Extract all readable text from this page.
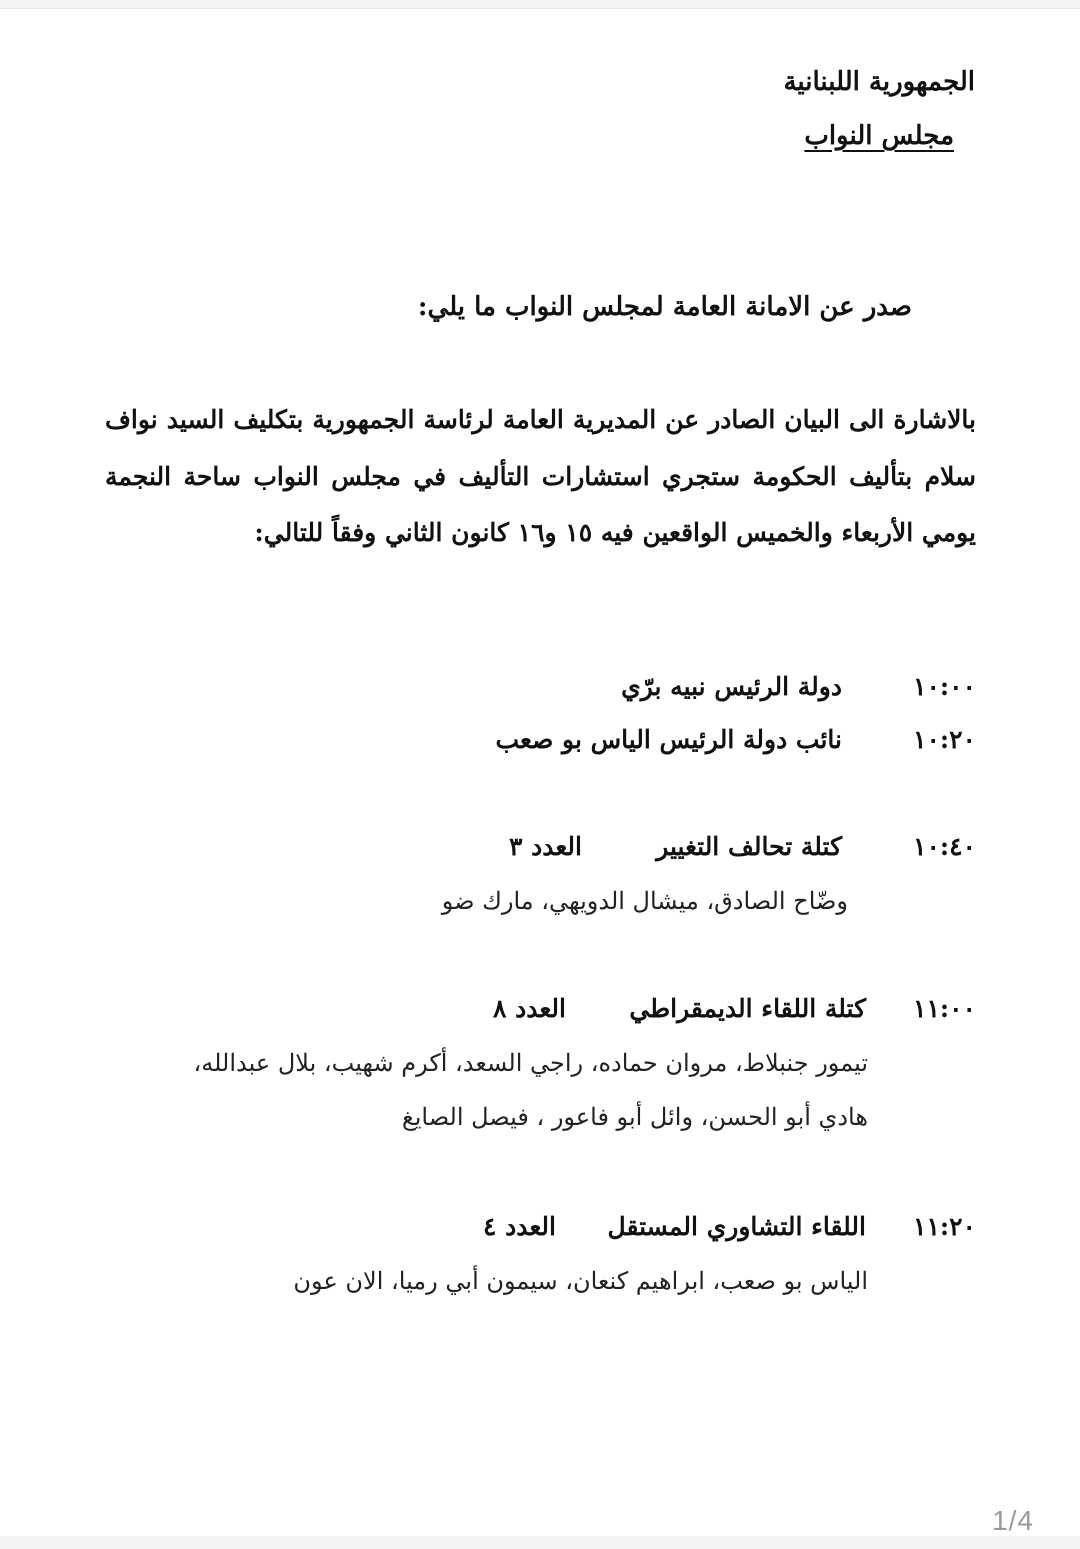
الجمهورية اللبنانية
مجلس النواب
صدر عن الامانة العامة لمجلس النواب ما يلي:
بالاشارة الى البيان الصادر عن المديرية العامة لرئاسة الجمهورية بتكليف السيد نواف سلام بتأليف الحكومة ستجري استشارات التأليف في مجلس النواب ساحة النجمة يومي الأربعاء والخميس الواقعين فيه ١٥ و١٦ كانون الثاني وفقاً للتالي:
١٠:٠٠
دولة الرئيس نبيه برّي
١٠:٢٠
نائب دولة الرئيس الياس بو صعب
١٠:٤٠
كتلة تحالف التغيير
العدد ٣
وضّاح الصادق، ميشال الدويهي، مارك ضو
١١:٠٠
كتلة اللقاء الديمقراطي
العدد ٨
تيمور جنبلاط، مروان حماده، راجي السعد، أكرم شهيب، بلال عبدالله،
هادي أبو الحسن، وائل أبو فاعور ، فيصل الصايغ
١١:٢٠
اللقاء التشاوري المستقل
العدد ٤
الياس بو صعب، ابراهيم كنعان، سيمون أبي رميا، الان عون
1/4
